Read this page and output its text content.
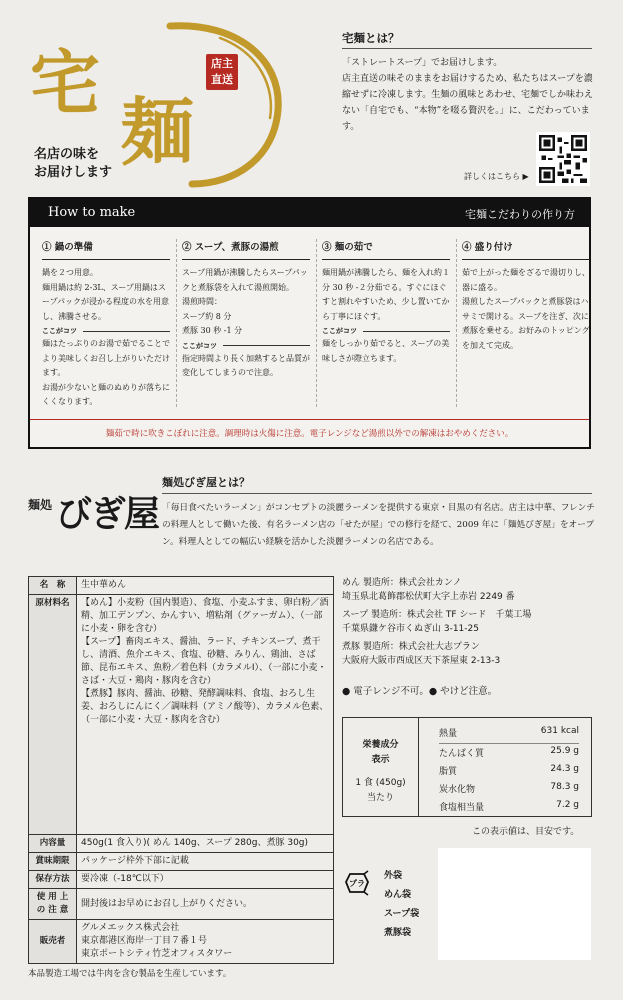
宅
麺
店主
直送
名店の味を
お届けします
宅麺とは？
「ストレートスープ」でお届けします。
店主直送の味そのままをお届けするため、私たちはスープを濃縮せずに冷凍します。生麺の風味とあわせ、宅麺でしか味わえない「自宅でも、“本物”を啜る贅沢を。」に、こだわっています。
詳しくはこちら ▶
How to make	宅麺こだわりの作り方
① 鍋の準備
鍋を２つ用意。
麺用鍋は約 2-3L、スープ用鍋はスープパックが浸かる程度の水を用意し、沸騰させる。
ここがコツ
麺はたっぷりのお湯で茹でることでより美味しくお召し上がりいただけます。
お湯が少ないと麺のぬめりが落ちにくくなります。
② スープ、煮豚の湯煎
スープ用鍋が沸騰したらスープパックと煮豚袋を入れて湯煎開始。
湯煎時間：
スープ約 8 分
煮豚 30 秒 -1 分
ここがコツ
指定時間より長く加熱すると品質が変化してしまうので注意。
③ 麺の茹で
麺用鍋が沸騰したら、麺を入れ約１分 30 秒 -２分茹でる。すぐにほぐすと割れやすいため、少し置いてから丁寧にほぐす。
ここがコツ
麺をしっかり茹でると、スープの美味しさが際立ちます。
④ 盛り付け
茹で上がった麺をざるで湯切りし、器に盛る。
湯煎したスープパックと煮豚袋はハサミで開ける。スープを注ぎ、次に煮豚を乗せる。お好みのトッピングを加えて完成。
麺茹で時に吹きこぼれに注意。調理時は火傷に注意。電子レンジなど湯煎以外での解凍はおやめください。
麺処 びぎ屋
麺処びぎ屋とは？
「毎日食べたいラーメン」がコンセプトの淡麗ラーメンを提供する東京・目黒の有名店。店主は中華、フレンチの料理人として働いた後、有名ラーメン店の「せたが屋」での修行を経て、2009 年に「麺処びぎ屋」をオープン。料理人としての幅広い経験を活かした淡麗ラーメンの名店である。
名　称	生中華めん
原材料名	【めん】小麦粉（国内製造）、食塩、小麦ふすま、卵白粉／酒精、加工デンプン、かんすい、増粘剤（グァーガム）、（一部に小麦・卵を含む）
【スープ】畜肉エキス、醤油、ラード、チキンスープ、煮干し、清酒、魚介エキス、食塩、砂糖、みりん、鶏油、さば節、昆布エキス、魚粉／着色料（カラメルⅠ）、（一部に小麦・さば・大豆・鶏肉・豚肉を含む）
【煮豚】豚肉、醤油、砂糖、発酵調味料、食塩、おろし生姜、おろしにんにく／調味料（アミノ酸等）、カラメル色素、（一部に小麦・大豆・豚肉を含む）
内容量	450g(1 食入り)( めん 140g、スープ 280g、煮豚 30g)
賞味期限	パッケージ枠外下部に記載
保存方法	要冷凍（-18℃以下）
使 用 上
の 注 意	開封後はお早めにお召し上がりください。
販売者	グルメエックス株式会社
東京都港区海岸一丁目７番１号
東京ポートシティ竹芝オフィスタワー
めん 製造所：株式会社カンノ
埼玉県北葛飾郡松伏町大字上赤岩 2249 番
スープ 製造所：株式会社 TF シード　千葉工場
千葉県鎌ケ谷市くぬぎ山 3-11-25
煮豚 製造所：株式会社大志プラン
大阪府大阪市西成区天下茶屋東 2-13-3
● 電子レンジ不可。● やけど注意。
栄養成分
表示
1 食 (450g)
当たり
熱量	631 kcal
たんぱく質	25.9 g
脂質	24.3 g
炭水化物	78.3 g
食塩相当量	7.2 g
この表示値は、目安です。
プラ
外袋
めん袋
スープ袋
煮豚袋
本品製造工場では牛肉を含む製品を生産しています。
